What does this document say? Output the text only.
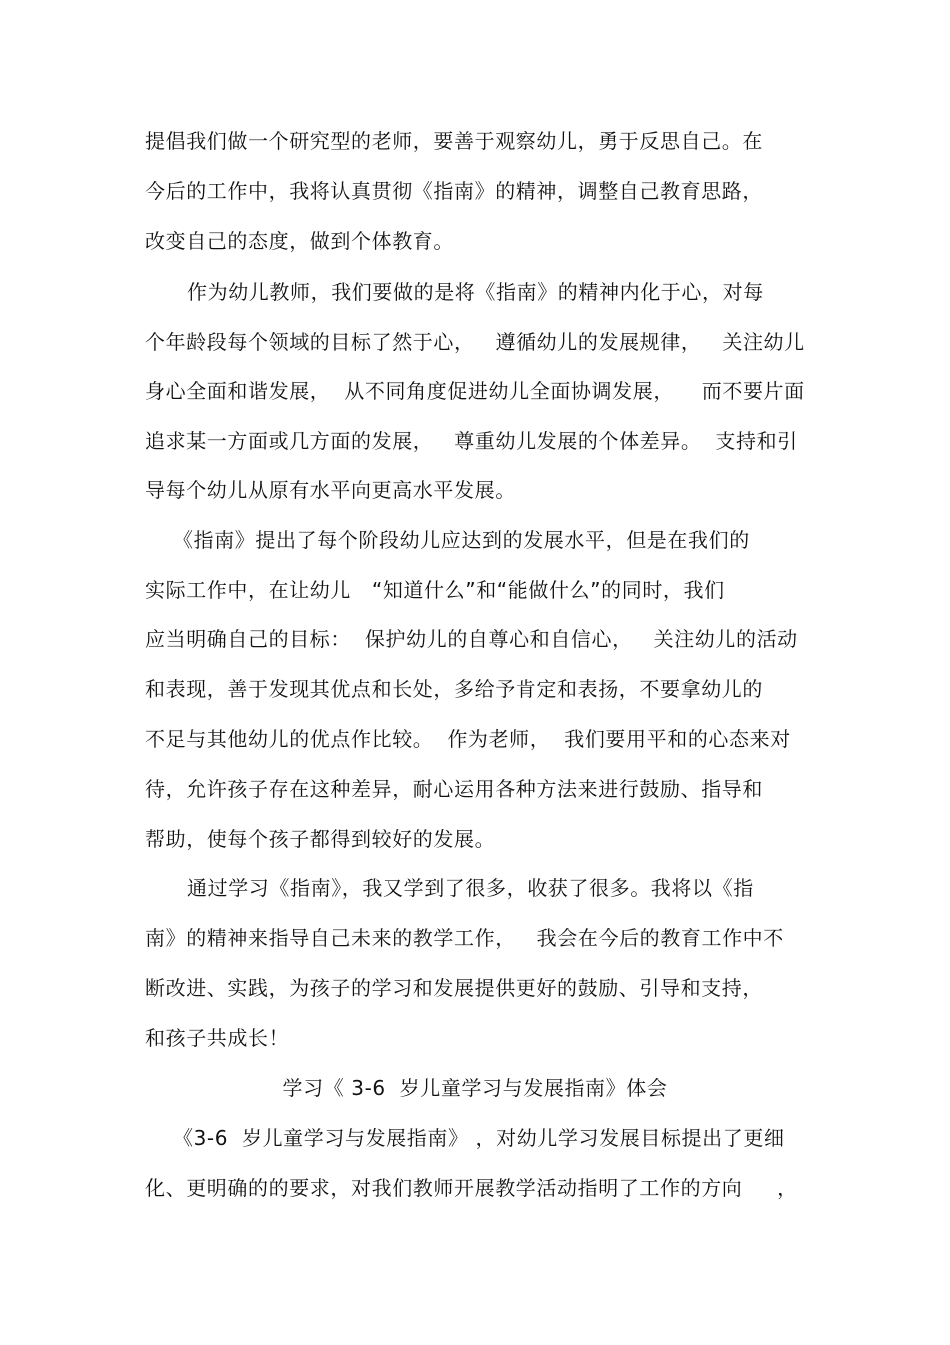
提倡我们做一个研究型的老师，要善于观察幼儿，勇于反思自己。在
今后的工作中，我将认真贯彻《指南》的精神，调整自己教育思路，
改变自己的态度，做到个体教育。
作为幼儿教师，我们要做的是将《指南》的精神内化于心，对每
个年龄段每个领域的目标了然于心，   遵循幼儿的发展规律，   关注幼儿
身心全面和谐发展，  从不同角度促进幼儿全面协调发展，    而不要片面
追求某一方面或几方面的发展，   尊重幼儿发展的个体差异。  支持和引
导每个幼儿从原有水平向更高水平发展。
《指南》提出了每个阶段幼儿应达到的发展水平，但是在我们的
实际工作中，在让幼儿   “知道什么”和“能做什么”的同时，我们
应当明确自己的目标：  保护幼儿的自尊心和自信心，   关注幼儿的活动
和表现，善于发现其优点和长处，多给予肯定和表扬，不要拿幼儿的
不足与其他幼儿的优点作比较。  作为老师，  我们要用平和的心态来对
待，允许孩子存在这种差异，耐心运用各种方法来进行鼓励、指导和
帮助，使每个孩子都得到较好的发展。
通过学习《指南》，我又学到了很多，收获了很多。我将以《指
南》的精神来指导自己未来的教学工作，   我会在今后的教育工作中不
断改进、实践，为孩子的学习和发展提供更好的鼓励、引导和支持，
和孩子共成长！
学习《 3-6  岁儿童学习与发展指南》体会
《3-6  岁儿童学习与发展指南》 ，对幼儿学习发展目标提出了更细
化、更明确的的要求，对我们教师开展教学活动指明了工作的方向     ，
